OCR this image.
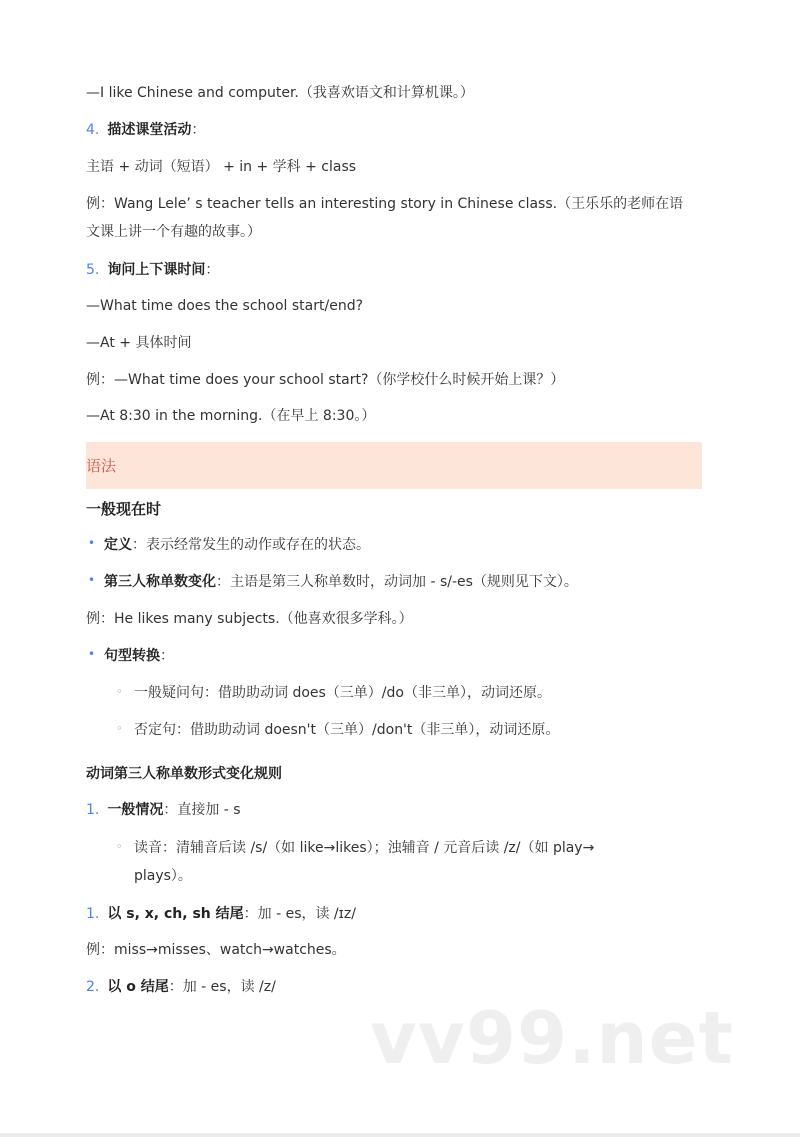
—I like Chinese and computer.（我喜欢语文和计算机课。）
4. 描述课堂活动：
主语 + 动词（短语） + in + 学科 + class
例：Wang Lele’ s teacher tells an interesting story in Chinese class.（王乐乐的老师在语
文课上讲一个有趣的故事。）
5. 询问上下课时间：
—What time does the school start/end?
—At + 具体时间
例：—What time does your school start?（你学校什么时候开始上课？）
—At 8:30 in the morning.（在早上 8:30。）
语法
一般现在时
• 定义：表示经常发生的动作或存在的状态。
• 第三人称单数变化：主语是第三人称单数时，动词加 - s/-es（规则见下文）。
例：He likes many subjects.（他喜欢很多学科。）
• 句型转换：
◦ 一般疑问句：借助助动词 does（三单）/do（非三单），动词还原。
◦ 否定句：借助助动词 doesn't（三单）/don't（非三单），动词还原。
动词第三人称单数形式变化规则
1. 一般情况：直接加 - s
◦ 读音：清辅音后读 /s/（如 like→likes）；浊辅音 / 元音后读 /z/（如 play→
plays）。
1. 以 s, x, ch, sh 结尾：加 - es，读 /ɪz/
例：miss→misses、watch→watches。
2. 以 o 结尾：加 - es，读 /z/
vv99.net
